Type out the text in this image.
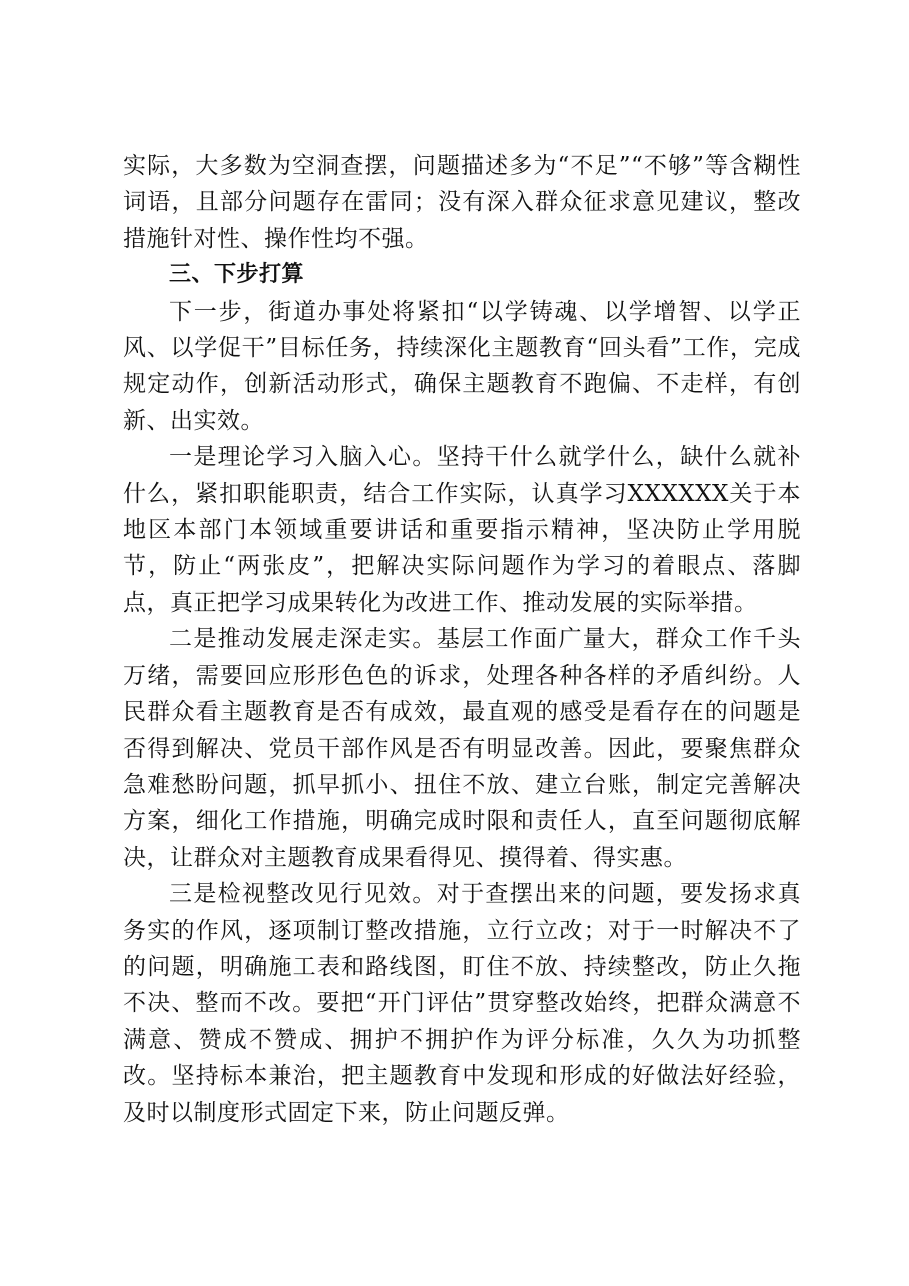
实际，大多数为空洞查摆，问题描述多为“不足”“不够”等含糊性词语，且部分问题存在雷同；没有深入群众征求意见建议，整改措施针对性、操作性均不强。

三、下步打算

下一步，街道办事处将紧扣“以学铸魂、以学增智、以学正风、以学促干”目标任务，持续深化主题教育“回头看”工作，完成规定动作，创新活动形式，确保主题教育不跑偏、不走样，有创新、出实效。

一是理论学习入脑入心。坚持干什么就学什么，缺什么就补什么，紧扣职能职责，结合工作实际，认真学习XXXXXX关于本地区本部门本领域重要讲话和重要指示精神，坚决防止学用脱节，防止“两张皮”，把解决实际问题作为学习的着眼点、落脚点，真正把学习成果转化为改进工作、推动发展的实际举措。

二是推动发展走深走实。基层工作面广量大，群众工作千头万绪，需要回应形形色色的诉求，处理各种各样的矛盾纠纷。人民群众看主题教育是否有成效，最直观的感受是看存在的问题是否得到解决、党员干部作风是否有明显改善。因此，要聚焦群众急难愁盼问题，抓早抓小、扭住不放、建立台账，制定完善解决方案，细化工作措施，明确完成时限和责任人，直至问题彻底解决，让群众对主题教育成果看得见、摸得着、得实惠。

三是检视整改见行见效。对于查摆出来的问题，要发扬求真务实的作风，逐项制订整改措施，立行立改；对于一时解决不了的问题，明确施工表和路线图，盯住不放、持续整改，防止久拖不决、整而不改。要把“开门评估”贯穿整改始终，把群众满意不满意、赞成不赞成、拥护不拥护作为评分标准，久久为功抓整改。坚持标本兼治，把主题教育中发现和形成的好做法好经验，及时以制度形式固定下来，防止问题反弹。
